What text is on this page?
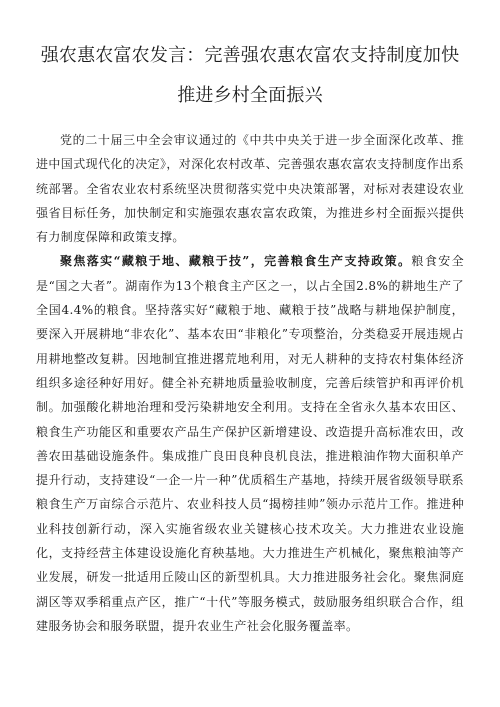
强农惠农富农发言：完善强农惠农富农支持制度加快
推进乡村全面振兴

党的二十届三中全会审议通过的《中共中央关于进一步全面深化改革、推进中国式现代化的决定》，对深化农村改革、完善强农惠农富农支持制度作出系统部署。全省农业农村系统坚决贯彻落实党中央决策部署，对标对表建设农业强省目标任务，加快制定和实施强农惠农富农政策，为推进乡村全面振兴提供有力制度保障和政策支撑。

聚焦落实“藏粮于地、藏粮于技”，完善粮食生产支持政策。粮食安全是“国之大者”。湖南作为13个粮食主产区之一，以占全国2.8%的耕地生产了全国4.4%的粮食。坚持落实好“藏粮于地、藏粮于技”战略与耕地保护制度，要深入开展耕地“非农化”、基本农田“非粮化”专项整治，分类稳妥开展违规占用耕地整改复耕。因地制宜推进撂荒地利用，对无人耕种的支持农村集体经济组织多途径种好用好。健全补充耕地质量验收制度，完善后续管护和再评价机制。加强酸化耕地治理和受污染耕地安全利用。支持在全省永久基本农田区、粮食生产功能区和重要农产品生产保护区新增建设、改造提升高标准农田，改善农田基础设施条件。集成推广良田良种良机良法，推进粮油作物大面积单产提升行动，支持建设“一企一片一种”优质稻生产基地，持续开展省级领导联系粮食生产万亩综合示范片、农业科技人员“揭榜挂帅”领办示范片工作。推进种业科技创新行动，深入实施省级农业关键核心技术攻关。大力推进农业设施化，支持经营主体建设设施化育秧基地。大力推进生产机械化，聚焦粮油等产业发展，研发一批适用丘陵山区的新型机具。大力推进服务社会化。聚焦洞庭湖区等双季稻重点产区，推广“十代”等服务模式，鼓励服务组织联合合作，组建服务协会和服务联盟，提升农业生产社会化服务覆盖率。
